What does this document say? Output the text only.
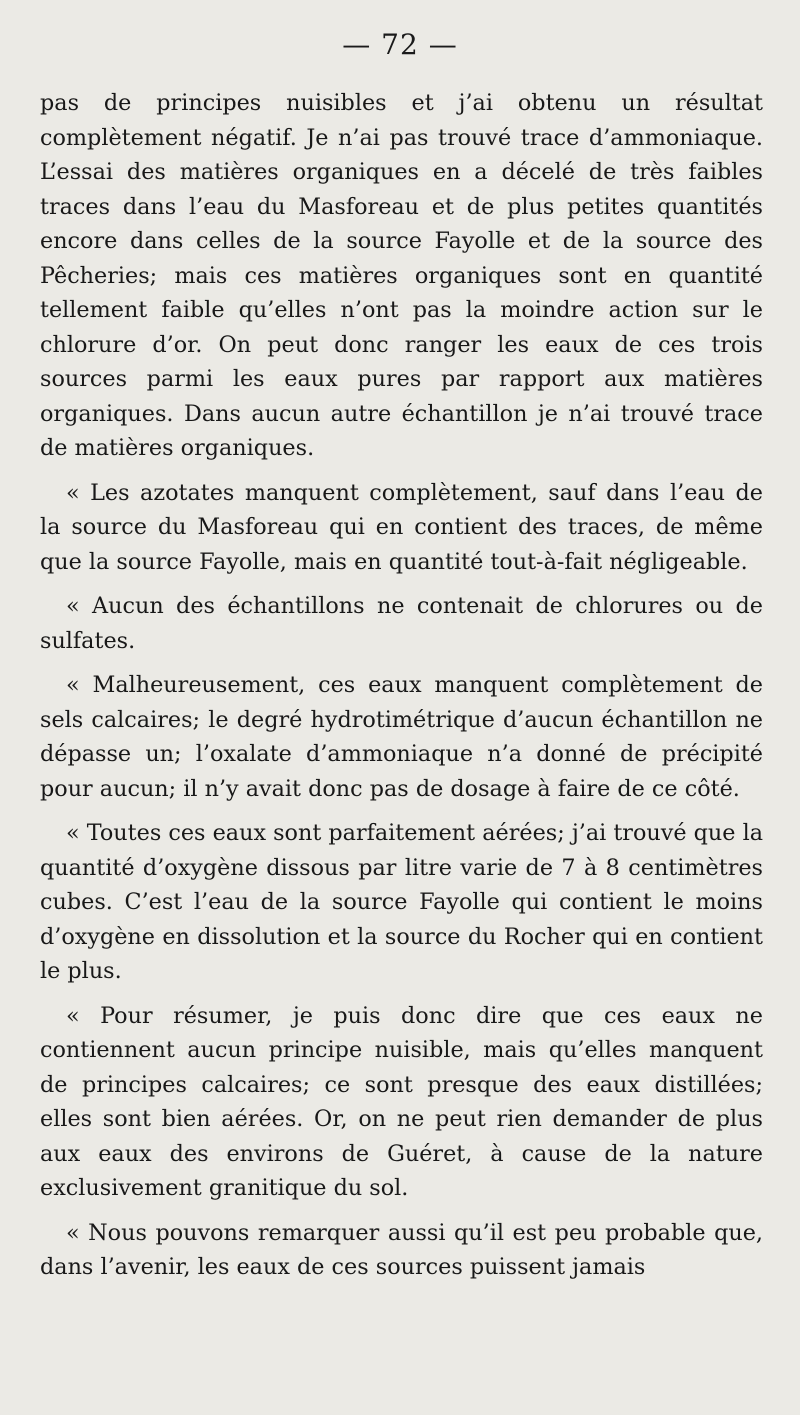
— 72 —

pas de principes nuisibles et j’ai obtenu un résultat complètement négatif. Je n’ai pas trouvé trace d’ammoniaque. L’essai des matières organiques en a décelé de très faibles traces dans l’eau du Masforeau et de plus petites quantités encore dans celles de la source Fayolle et de la source des Pêcheries; mais ces matières organiques sont en quantité tellement faible qu’elles n’ont pas la moindre action sur le chlorure d’or. On peut donc ranger les eaux de ces trois sources parmi les eaux pures par rapport aux matières organiques. Dans aucun autre échantillon je n’ai trouvé trace de matières organiques.

« Les azotates manquent complètement, sauf dans l’eau de la source du Masforeau qui en contient des traces, de même que la source Fayolle, mais en quantité tout-à-fait négligeable.

« Aucun des échantillons ne contenait de chlorures ou de sulfates.

« Malheureusement, ces eaux manquent complètement de sels calcaires; le degré hydrotimétrique d’aucun échantillon ne dépasse un; l’oxalate d’ammoniaque n’a donné de précipité pour aucun; il n’y avait donc pas de dosage à faire de ce côté.

« Toutes ces eaux sont parfaitement aérées; j’ai trouvé que la quantité d’oxygène dissous par litre varie de 7 à 8 centimètres cubes. C’est l’eau de la source Fayolle qui contient le moins d’oxygène en dissolution et la source du Rocher qui en contient le plus.

« Pour résumer, je puis donc dire que ces eaux ne contiennent aucun principe nuisible, mais qu’elles manquent de principes calcaires; ce sont presque des eaux distillées; elles sont bien aérées. Or, on ne peut rien demander de plus aux eaux des environs de Guéret, à cause de la nature exclusivement granitique du sol.

« Nous pouvons remarquer aussi qu’il est peu probable que, dans l’avenir, les eaux de ces sources puissent jamais
